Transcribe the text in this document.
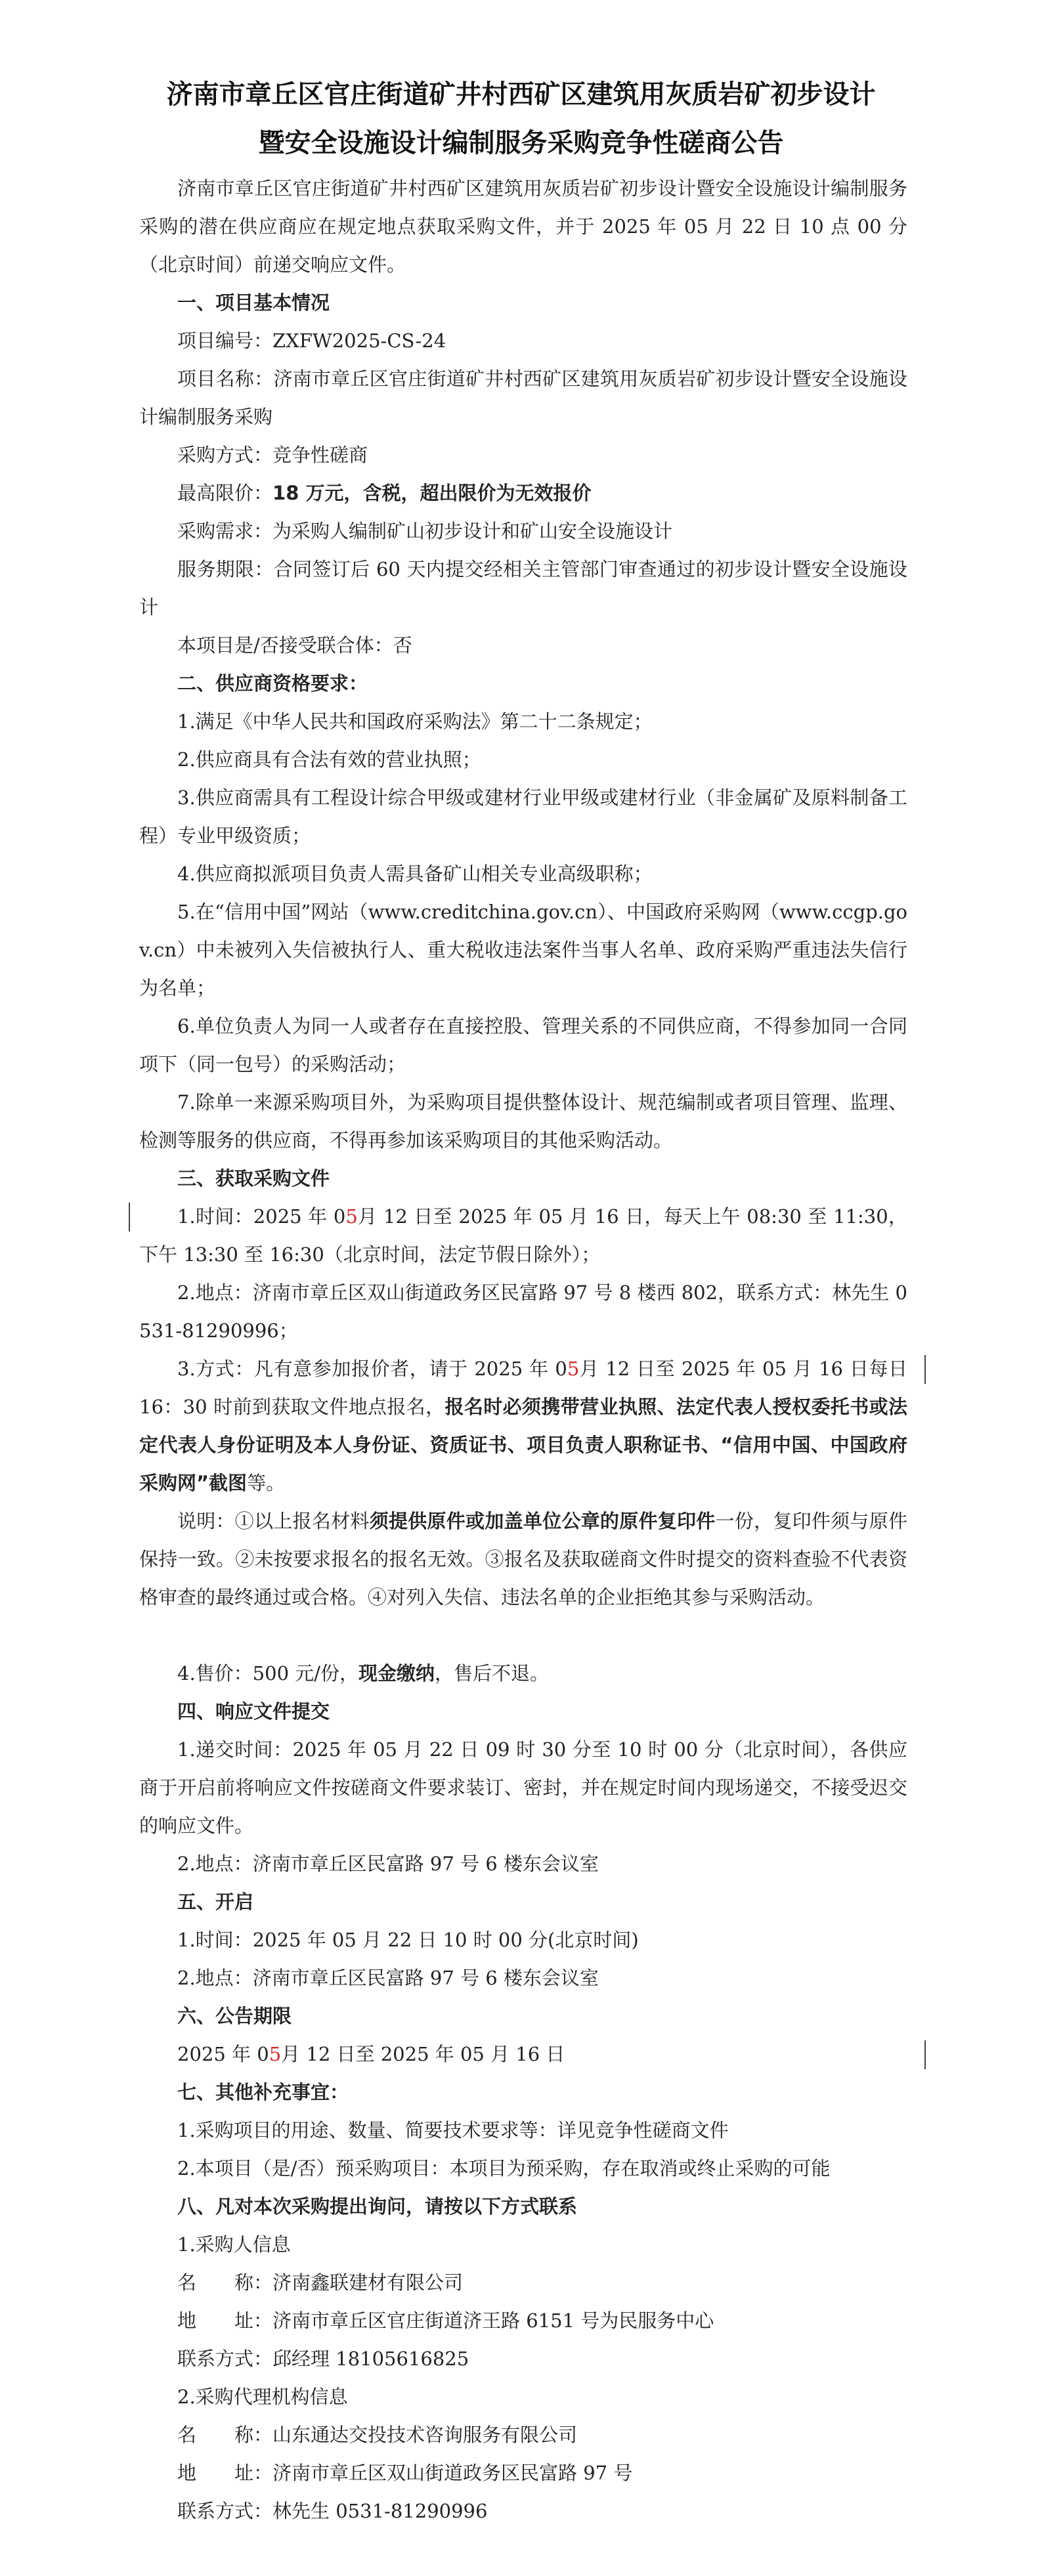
济南市章丘区官庄街道矿井村西矿区建筑用灰质岩矿初步设计
暨安全设施设计编制服务采购竞争性磋商公告
济南市章丘区官庄街道矿井村西矿区建筑用灰质岩矿初步设计暨安全设施设计编制服务采购的潜在供应商应在规定地点获取采购文件，并于 2025 年 05 月 22 日 10 点 00 分（北京时间）前递交响应文件。
一、项目基本情况
项目编号：ZXFW2025-CS-24
项目名称：济南市章丘区官庄街道矿井村西矿区建筑用灰质岩矿初步设计暨安全设施设计编制服务采购
采购方式：竞争性磋商
最高限价：18 万元，含税，超出限价为无效报价
采购需求：为采购人编制矿山初步设计和矿山安全设施设计
服务期限：合同签订后 60 天内提交经相关主管部门审查通过的初步设计暨安全设施设计
本项目是/否接受联合体：否
二、供应商资格要求：
1.满足《中华人民共和国政府采购法》第二十二条规定；
2.供应商具有合法有效的营业执照；
3.供应商需具有工程设计综合甲级或建材行业甲级或建材行业（非金属矿及原料制备工程）专业甲级资质；
4.供应商拟派项目负责人需具备矿山相关专业高级职称；
5.在“信用中国”网站（www.creditchina.gov.cn）、中国政府采购网（www.ccgp.gov.cn）中未被列入失信被执行人、重大税收违法案件当事人名单、政府采购严重违法失信行为名单；
6.单位负责人为同一人或者存在直接控股、管理关系的不同供应商，不得参加同一合同项下（同一包号）的采购活动；
7.除单一来源采购项目外，为采购项目提供整体设计、规范编制或者项目管理、监理、检测等服务的供应商，不得再参加该采购项目的其他采购活动。
三、获取采购文件
1.时间：2025 年 05月 12 日至 2025 年 05 月 16 日，每天上午 08:30 至 11:30，下午 13:30 至 16:30（北京时间，法定节假日除外）；
2.地点：济南市章丘区双山街道政务区民富路 97 号 8 楼西 802，联系方式：林先生 0531-81290996；
3.方式：凡有意参加报价者，请于 2025 年 05月 12 日至 2025 年 05 月 16 日每日 16：30 时前到获取文件地点报名，报名时必须携带营业执照、法定代表人授权委托书或法定代表人身份证明及本人身份证、资质证书、项目负责人职称证书、“信用中国、中国政府采购网”截图等。
说明：①以上报名材料须提供原件或加盖单位公章的原件复印件一份，复印件须与原件保持一致。②未按要求报名的报名无效。③报名及获取磋商文件时提交的资料查验不代表资格审查的最终通过或合格。④对列入失信、违法名单的企业拒绝其参与采购活动。
4.售价：500 元/份，现金缴纳，售后不退。
四、响应文件提交
1.递交时间：2025 年 05 月 22 日 09 时 30 分至 10 时 00 分（北京时间），各供应商于开启前将响应文件按磋商文件要求装订、密封，并在规定时间内现场递交，不接受迟交的响应文件。
2.地点：济南市章丘区民富路 97 号 6 楼东会议室
五、开启
1.时间：2025 年 05 月 22 日 10 时 00 分(北京时间)
2.地点：济南市章丘区民富路 97 号 6 楼东会议室
六、公告期限
2025 年 05月 12 日至 2025 年 05 月 16 日
七、其他补充事宜：
1.采购项目的用途、数量、简要技术要求等：详见竞争性磋商文件
2.本项目（是/否）预采购项目：本项目为预采购，存在取消或终止采购的可能
八、凡对本次采购提出询问，请按以下方式联系
1.采购人信息
名　　称：济南鑫联建材有限公司
地　　址：济南市章丘区官庄街道济王路 6151 号为民服务中心
联系方式：邱经理 18105616825
2.采购代理机构信息
名　　称：山东通达交投技术咨询服务有限公司
地　　址：济南市章丘区双山街道政务区民富路 97 号
联系方式：林先生 0531-81290996
